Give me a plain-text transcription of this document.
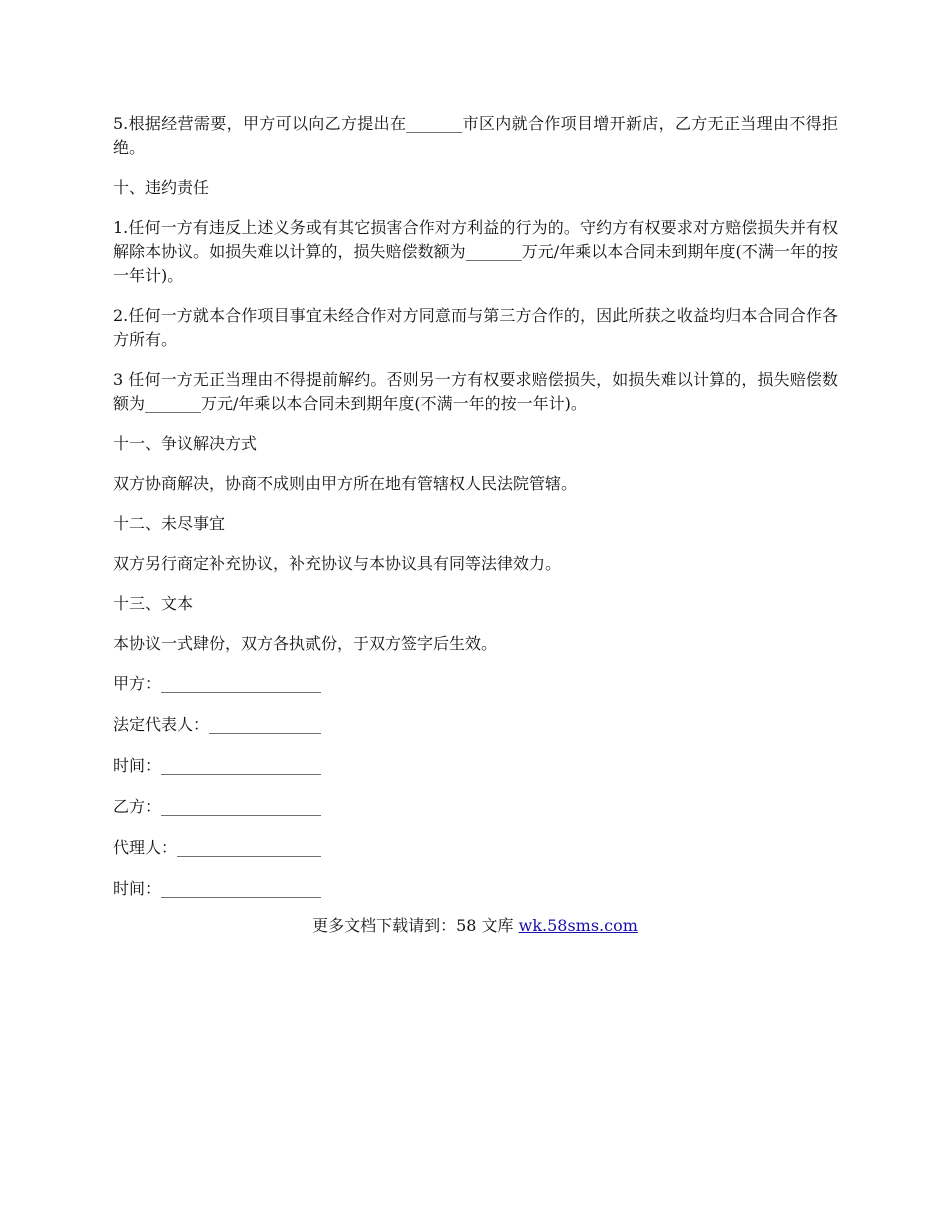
5.根据经营需要，甲方可以向乙方提出在_______市区内就合作项目增开新店，乙方无正当理由不得拒绝。

十、违约责任

1.任何一方有违反上述义务或有其它损害合作对方利益的行为的。守约方有权要求对方赔偿损失并有权解除本协议。如损失难以计算的，损失赔偿数额为_______万元/年乘以本合同未到期年度(不满一年的按一年计)。

2.任何一方就本合作项目事宜未经合作对方同意而与第三方合作的，因此所获之收益均归本合同合作各方所有。

3 任何一方无正当理由不得提前解约。否则另一方有权要求赔偿损失，如损失难以计算的，损失赔偿数额为_______万元/年乘以本合同未到期年度(不满一年的按一年计)。

十一、争议解决方式

双方协商解决，协商不成则由甲方所在地有管辖权人民法院管辖。

十二、未尽事宜

双方另行商定补充协议，补充协议与本协议具有同等法律效力。

十三、文本

本协议一式肆份，双方各执贰份，于双方签字后生效。

甲方：____________________

法定代表人：______________

时间：____________________

乙方：____________________

代理人：__________________

时间：____________________

更多文档下载请到：58 文库 wk.58sms.com
